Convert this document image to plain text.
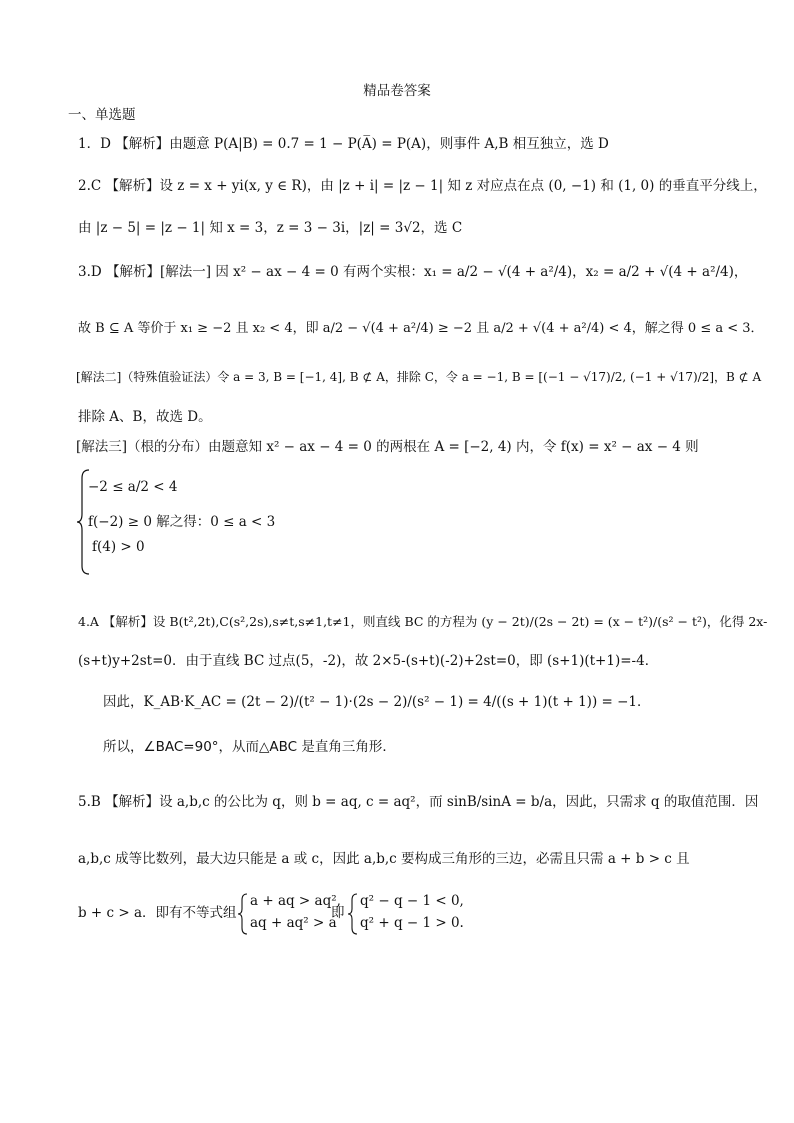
精品卷答案
一、单选题
1．D 【解析】由题意 P(A|B) = 0.7 = 1 − P(A̅) = P(A)，则事件 A,B 相互独立，选 D
2.C 【解析】设 z = x + yi(x, y ∈ R)，由 |z + i| = |z − 1| 知 z 对应点在点 (0, −1) 和 (1, 0) 的垂直平分线上，
由 |z − 5| = |z − 1| 知 x = 3，z = 3 − 3i，|z| = 3√2，选 C
3.D 【解析】[解法一] 因 x² − ax − 4 = 0 有两个实根：x₁ = a/2 − √(4 + a²/4)，x₂ = a/2 + √(4 + a²/4)，
故 B ⊆ A 等价于 x₁ ≥ −2 且 x₂ < 4，即 a/2 − √(4 + a²/4) ≥ −2 且 a/2 + √(4 + a²/4) < 4，解之得 0 ≤ a < 3．
[解法二]（特殊值验证法）令 a = 3, B = [−1, 4], B ⊄ A，排除 C，令 a = −1, B = [(−1 − √17)/2, (−1 + √17)/2]，B ⊄ A
排除 A、B，故选 D。
[解法三]（根的分布）由题意知 x² − ax − 4 = 0 的两根在 A = [−2, 4) 内，令 f(x) = x² − ax − 4 则
−2 ≤ a/2 < 4
f(−2) ≥ 0 解之得：0 ≤ a < 3
f(4) > 0
4.A 【解析】设 B(t²,2t),C(s²,2s),s≠t,s≠1,t≠1，则直线 BC 的方程为 (y − 2t)/(2s − 2t) = (x − t²)/(s² − t²)，化得 2x-
(s+t)y+2st=0．由于直线 BC 过点(5，-2)，故 2×5-(s+t)(-2)+2st=0，即 (s+1)(t+1)=-4．
因此，K_AB·K_AC = (2t − 2)/(t² − 1)·(2s − 2)/(s² − 1) = 4/((s + 1)(t + 1)) = −1．
所以，∠BAC=90°，从而△ABC 是直角三角形．
5.B 【解析】设 a,b,c 的公比为 q，则 b = aq, c = aq²，而 sinB/sinA = b/a，因此，只需求 q 的取值范围．因
a,b,c 成等比数列，最大边只能是 a 或 c，因此 a,b,c 要构成三角形的三边，必需且只需 a + b > c 且
b + c > a．即有不等式组
a + aq > aq²,
aq + aq² > a
即
q² − q − 1 < 0,
q² + q − 1 > 0.
